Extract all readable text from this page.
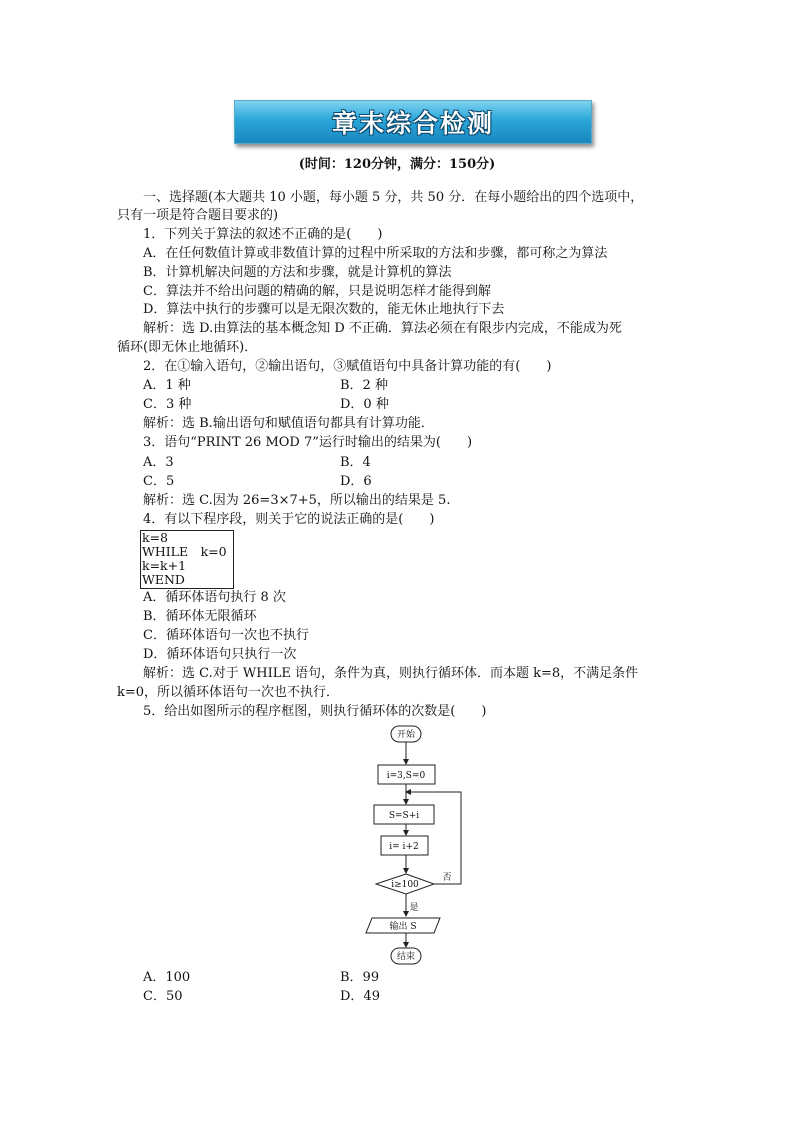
章末综合检测
(时间：120分钟，满分：150分)
一、选择题(本大题共 10 小题，每小题 5 分，共 50 分．在每小题给出的四个选项中，
只有一项是符合题目要求的)
1．下列关于算法的叙述不正确的是(　　)
A．在任何数值计算或非数值计算的过程中所采取的方法和步骤，都可称之为算法
B．计算机解决问题的方法和步骤，就是计算机的算法
C．算法并不给出问题的精确的解，只是说明怎样才能得到解
D．算法中执行的步骤可以是无限次数的，能无休止地执行下去
解析：选 D.由算法的基本概念知 D 不正确．算法必须在有限步内完成，不能成为死
循环(即无休止地循环)．
2．在①输入语句，②输出语句，③赋值语句中具备计算功能的有(　　)
A．1 种	B．2 种
C．3 种	D．0 种
解析：选 B.输出语句和赋值语句都具有计算功能．
3．语句“PRINT 26 MOD 7”运行时输出的结果为(　　)
A．3	B．4
C．5	D．6
解析：选 C.因为 26=3×7+5，所以输出的结果是 5.
4．有以下程序段，则关于它的说法正确的是(　　)
k=8
WHILE　k=0
k=k+1
WEND
A．循环体语句执行 8 次
B．循环体无限循环
C．循环体语句一次也不执行
D．循环体语句只执行一次
解析：选 C.对于 WHILE 语句，条件为真，则执行循环体．而本题 k=8，不满足条件
k=0，所以循环体语句一次也不执行．
5．给出如图所示的程序框图，则执行循环体的次数是(　　)
开始
i=3,S=0
S=S+i
i= i+2
i≥100
否
是
输出 S
结束
A．100	B．99
C．50	D．49
